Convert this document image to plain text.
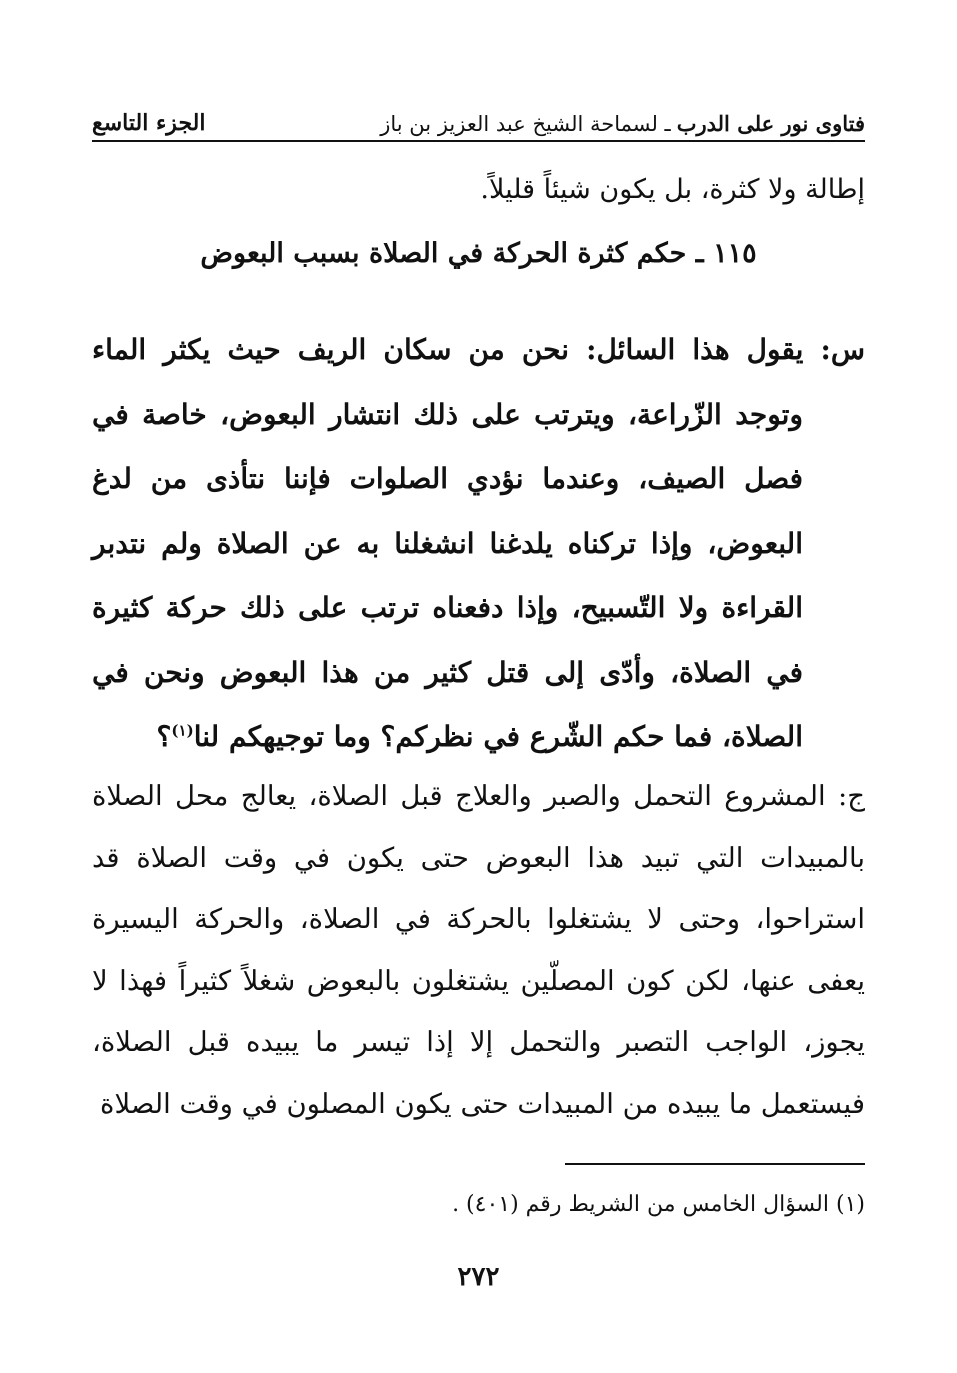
فتاوى نور على الدرب
ـ لسماحة الشيخ عبد العزيز بن باز
الجزء التاسع
إطالة ولا كثرة، بل يكون شيئاً قليلاً.
١١٥ ـ حكم كثرة الحركة في الصلاة بسبب البعوض
س: يقول هذا السائل: نحن من سكان الريف حيث يكثر الماء وتوجد الزّراعة، ويترتب على ذلك انتشار البعوض، خاصة في فصل الصيف، وعندما نؤدي الصلوات فإننا نتأذى من لدغ البعوض، وإذا تركناه يلدغنا انشغلنا به عن الصلاة ولم نتدبر القراءة ولا التّسبيح، وإذا دفعناه ترتب على ذلك حركة كثيرة في الصلاة، وأدّى إلى قتل كثير من هذا البعوض ونحن في الصلاة، فما حكم الشّرع في نظركم؟ وما توجيهكم لنا$^{(١)}$؟
ج: المشروع التحمل والصبر والعلاج قبل الصلاة، يعالج محل الصلاة بالمبيدات التي تبيد هذا البعوض حتى يكون في وقت الصلاة قد استراحوا، وحتى لا يشتغلوا بالحركة في الصلاة، والحركة اليسيرة يعفى عنها، لكن كون المصلّين يشتغلون بالبعوض شغلاً كثيراً فهذا لا يجوز، الواجب التصبر والتحمل إلا إذا تيسر ما يبيده قبل الصلاة، فيستعمل ما يبيده من المبيدات حتى يكون المصلون في وقت الصلاة
(١) السؤال الخامس من الشريط رقم (٤٠١) .
٢٧٢
